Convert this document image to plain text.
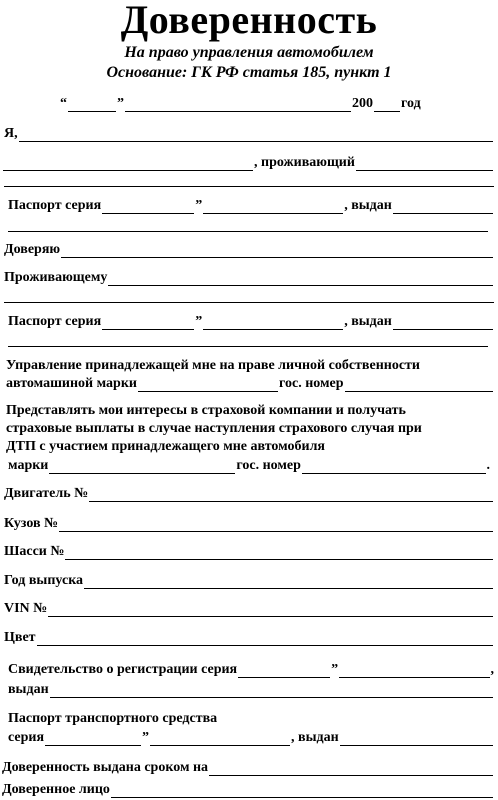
Доверенность
На право управления автомобилем
Основание: ГК РФ статья 185, пункт 1
“	”	200 год
Я,
, проживающий
Паспорт серия	”	, выдан
Доверяю
Проживающему
Паспорт серия	”	, выдан
Управление принадлежащей мне на праве личной собственности
автомашиной марки	гос. номер
Представлять мои интересы в страховой компании и получать
страховые выплаты в случае наступления страхового случая при
ДТП с участием принадлежащего мне автомобиля
марки	гос. номер	.
Двигатель №
Кузов №
Шасси №
Год выпуска
VIN №
Цвет
Свидетельство о регистрации серия	”	,
выдан
Паспорт транспортного средства
серия	”	, выдан
Доверенность выдана сроком на
Доверенное лицо
